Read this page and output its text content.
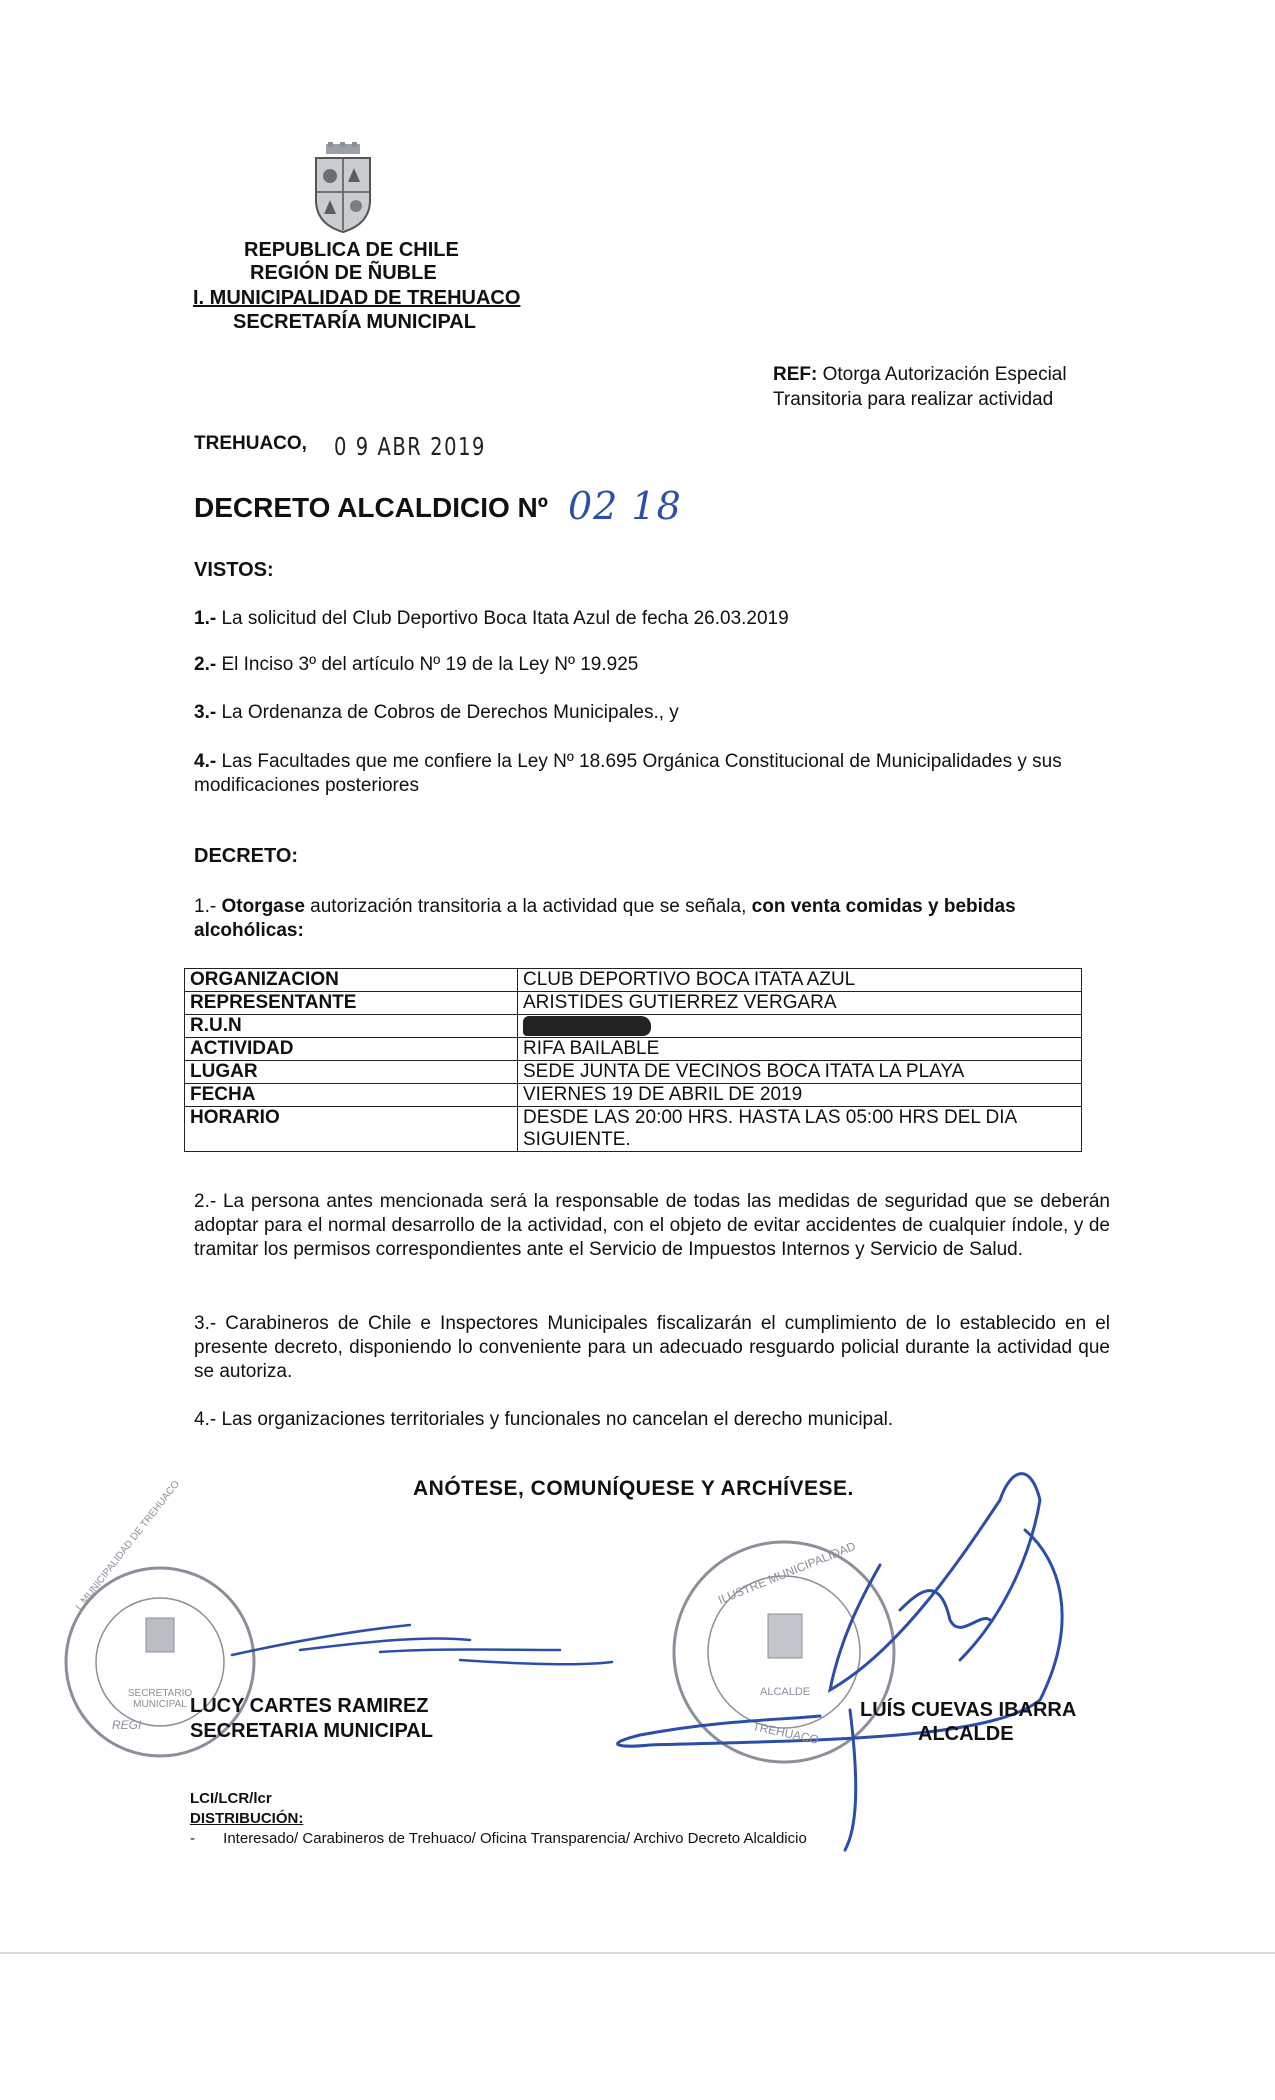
REPUBLICA DE CHILE
REGIÓN DE ÑUBLE
I. MUNICIPALIDAD DE TREHUACO
SECRETARÍA MUNICIPAL
REF: Otorga Autorización Especial Transitoria para realizar actividad
TREHUACO, 0 9 ABR 2019
DECRETO ALCALDICIO Nº 02 18
VISTOS:
1.- La solicitud del Club Deportivo Boca Itata Azul de fecha 26.03.2019
2.- El Inciso 3º del artículo Nº 19 de la Ley Nº 19.925
3.- La Ordenanza de Cobros de Derechos Municipales., y
4.- Las Facultades que me confiere la Ley Nº 18.695 Orgánica Constitucional de Municipalidades y sus modificaciones posteriores
DECRETO:
1.- Otorgase autorización transitoria a la actividad que se señala, con venta comidas y bebidas alcohólicas:
ORGANIZACION	CLUB DEPORTIVO BOCA ITATA AZUL
REPRESENTANTE	ARISTIDES GUTIERREZ VERGARA
R.U.N	
ACTIVIDAD	RIFA BAILABLE
LUGAR	SEDE JUNTA DE VECINOS BOCA ITATA LA PLAYA
FECHA	VIERNES 19 DE ABRIL DE 2019
HORARIO	DESDE LAS 20:00 HRS. HASTA LAS 05:00 HRS DEL DIA SIGUIENTE.
2.- La persona antes mencionada será la responsable de todas las medidas de seguridad que se deberán adoptar para el normal desarrollo de la actividad, con el objeto de evitar accidentes de cualquier índole, y de tramitar los permisos correspondientes ante el Servicio de Impuestos Internos y Servicio de Salud.
3.- Carabineros de Chile e Inspectores Municipales fiscalizarán el cumplimiento de lo establecido en el presente decreto, disponiendo lo conveniente para un adecuado resguardo policial durante la actividad que se autoriza.
4.- Las organizaciones territoriales y funcionales no cancelan el derecho municipal.
ANÓTESE, COMUNÍQUESE Y ARCHÍVESE.
SECRETARIO MUNICIPAL
I. MUNICIPALIDAD DE TREHUACO
REGI
ILUSTRE MUNICIPALIDAD
ALCALDE
TREHUACO
LUCY CARTES RAMIREZ
SECRETARIA MUNICIPAL
LUÍS CUEVAS IBARRA
ALCALDE
LCI/LCR/lcr
DISTRIBUCIÓN:
- Interesado/ Carabineros de Trehuaco/ Oficina Transparencia/ Archivo Decreto Alcaldicio
